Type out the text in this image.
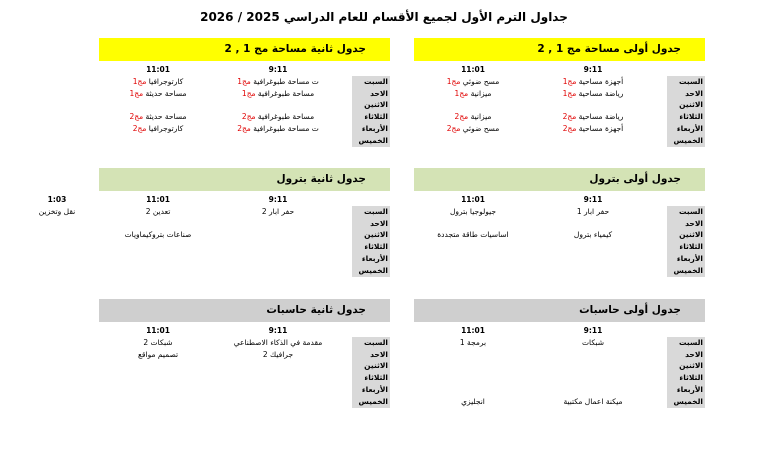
جداول الترم الأول لجميع الأقسام للعام الدراسي 2025 / 2026
جدول أولى مساحة مج 1 , 2
9:11
11:01
السبت
أجهزة مساحية مج1
مسح ضوئي مج1
الاحد
رياضة مساحية مج1
ميزانية مج1
الاثنين
الثلاثاء
رياضة مساحية مج2
ميزانية مج2
الأربعاء
أجهزة مساحية مج2
مسح ضوئي مج2
الخميس
جدول ثانية مساحة مج 1 , 2
9:11
11:01
السبت
ت مساحة طبوغرافية مج1
كارتوجرافيا مج1
الاحد
مساحة طبوغرافية مج1
مساحة حديثة مج1
الاثنين
الثلاثاء
مساحة طبوغرافية مج2
مساحة حديثة مج2
الأربعاء
ت مساحة طبوغرافية مج2
كارتوجرافيا مج2
الخميس
جدول أولى بترول
9:11
11:01
السبت
حفر ابار 1
جيولوجيا بترول
الاحد
الاثنين
كيمياء بترول
اساسيات طاقة متجددة
الثلاثاء
الأربعاء
الخميس
جدول ثانية بترول
9:11
11:01
1:03
السبت
حفر ابار 2
تعدين 2
نقل وتخزين
الاحد
الاثنين
صناعات بتروكيماويات
الثلاثاء
الأربعاء
الخميس
جدول أولى حاسبات
9:11
11:01
السبت
شبكات
برمجة 1
الاحد
الاثنين
الثلاثاء
الأربعاء
الخميس
ميكنة اعمال مكتبية
انجليزي
جدول ثانية حاسبات
9:11
11:01
السبت
مقدمة في الذكاء الاصطناعي
شبكات 2
الاحد
جرافيك 2
تصميم مواقع
الاثنين
الثلاثاء
الأربعاء
الخميس
